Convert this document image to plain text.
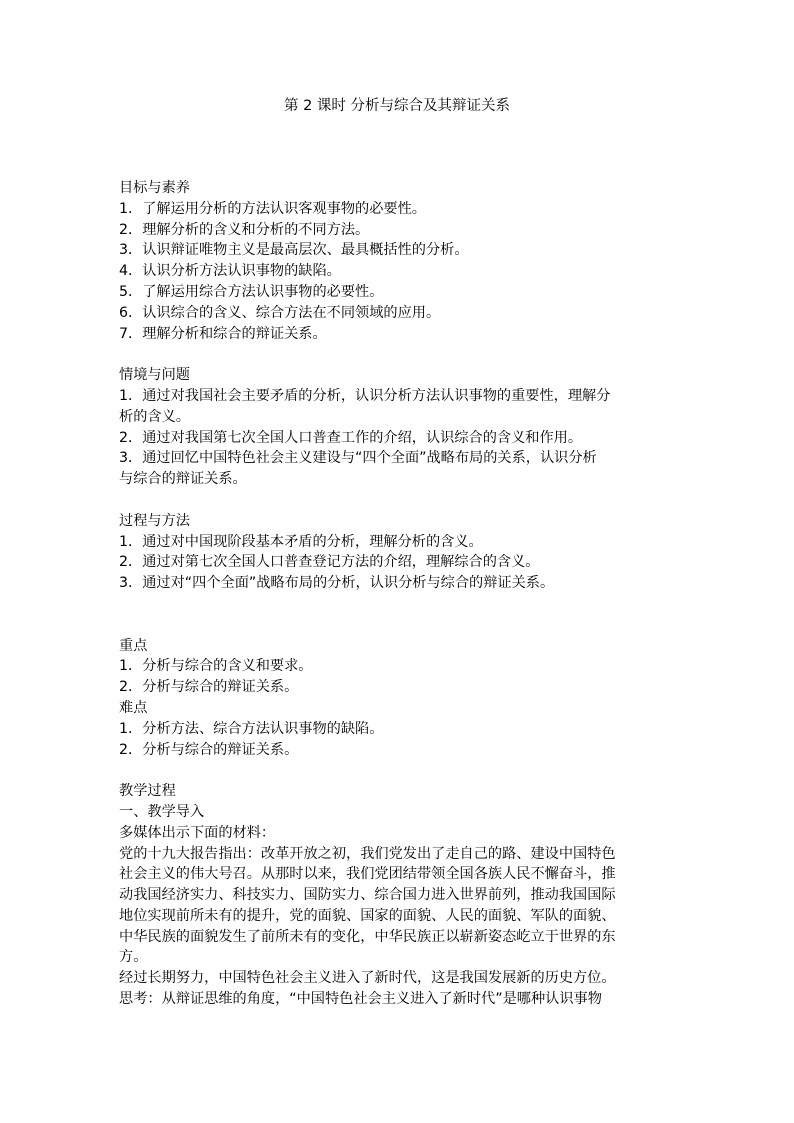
第 2 课时 分析与综合及其辩证关系
目标与素养
1．了解运用分析的方法认识客观事物的必要性。
2．理解分析的含义和分析的不同方法。
3．认识辩证唯物主义是最高层次、最具概括性的分析。
4．认识分析方法认识事物的缺陷。
5．了解运用综合方法认识事物的必要性。
6．认识综合的含义、综合方法在不同领域的应用。
7．理解分析和综合的辩证关系。
情境与问题
1．通过对我国社会主要矛盾的分析，认识分析方法认识事物的重要性，理解分
析的含义。
2．通过对我国第七次全国人口普查工作的介绍，认识综合的含义和作用。
3．通过回忆中国特色社会主义建设与“四个全面”战略布局的关系，认识分析
与综合的辩证关系。
过程与方法
1．通过对中国现阶段基本矛盾的分析，理解分析的含义。
2．通过对第七次全国人口普查登记方法的介绍，理解综合的含义。
3．通过对“四个全面”战略布局的分析，认识分析与综合的辩证关系。
重点
1．分析与综合的含义和要求。
2．分析与综合的辩证关系。
难点
1．分析方法、综合方法认识事物的缺陷。
2．分析与综合的辩证关系。
教学过程
一、教学导入
多媒体出示下面的材料：
党的十九大报告指出：改革开放之初，我们党发出了走自己的路、建设中国特色
社会主义的伟大号召。从那时以来，我们党团结带领全国各族人民不懈奋斗，推
动我国经济实力、科技实力、国防实力、综合国力进入世界前列，推动我国国际
地位实现前所未有的提升，党的面貌、国家的面貌、人民的面貌、军队的面貌、
中华民族的面貌发生了前所未有的变化，中华民族正以崭新姿态屹立于世界的东
方。
经过长期努力，中国特色社会主义进入了新时代，这是我国发展新的历史方位。
思考：从辩证思维的角度，“中国特色社会主义进入了新时代”是哪种认识事物
